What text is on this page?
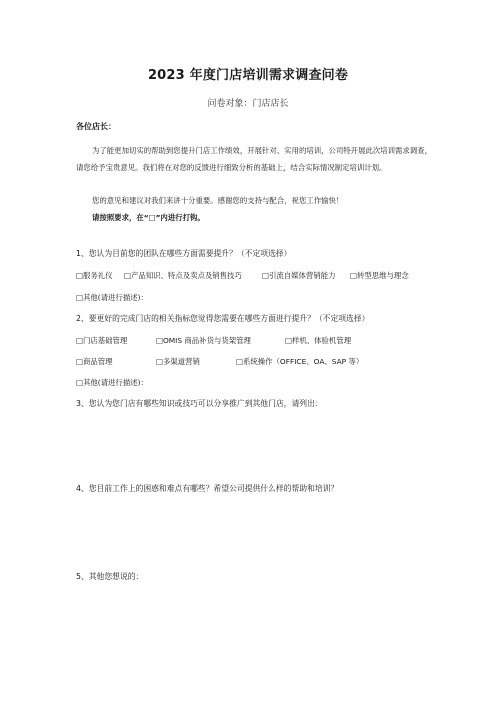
2023 年度门店培训需求调查问卷
问卷对象：门店店长
各位店长：
为了能更加切实的帮助到您提升门店工作绩效，开展针对、实用的培训，公司特开展此次培训需求调查，请您给予宝贵意见。我们将在对您的反馈进行细致分析的基础上，结合实际情况制定培训计划。
您的意见和建议对我们来讲十分重要。感谢您的支持与配合，祝您工作愉快！
请按照要求，在“□”内进行打钩。
1、您认为目前您的团队在哪些方面需要提升？（不定项选择）
□服务礼仪 □产品知识、特点及卖点及销售技巧	□引流自媒体营销能力 □转型思维与理念
□其他(请进行描述)：
2、要更好的完成门店的相关指标您觉得您需要在哪些方面进行提升？（不定项选择）
□门店基础管理	□OMIS 商品补货与货架管理	□样机、体验机管理
□商品管理	□多渠道营销	□系统操作（OFFICE、OA、SAP 等）
□其他(请进行描述)：
3、您认为您门店有哪些知识或技巧可以分享推广到其他门店，请列出：
4、您目前工作上的困惑和难点有哪些？希望公司提供什么样的帮助和培训？
5、其他您想说的：
